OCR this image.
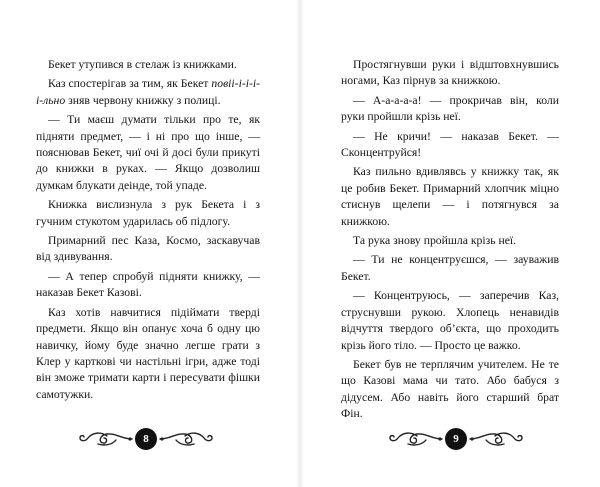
Бекет утупився в стелаж із книжками.

Каз спостерігав за тим, як Бекет повіі-і-і-і-і-льно зняв червону книжку з полиці.

— Ти маєш думати тільки про те, як підняти предмет, — і ні про що інше, — пояснював Бекет, чиї очі й досі були прикуті до книжки в руках. — Якщо дозволиш думкам блукати деінде, той упаде.

Книжка вислизнула з рук Бекета і з гучним стукотом ударилась об підлогу.

Примарний пес Каза, Космо, заскавучав від здивування.

— А тепер спробуй підняти книжку, — наказав Бекет Казові.

Каз хотів навчитися підіймати тверді предмети. Якщо він опанує хоча б одну цю навичку, йому буде значно легше грати з Клер у карткові чи настільні ігри, адже тоді він зможе тримати карти і пересувати фішки самотужки.

8

Простягнувши руки і відштовхнувшись ногами, Каз пірнув за книжкою.

— А-а-а-а-а! — прокричав він, коли руки пройшли крізь неї.

— Не кричи! — наказав Бекет. — Сконцентруйся!

Каз пильно вдивлявсь у книжку так, як це робив Бекет. Примарний хлопчик міцно стиснув щелепи — і потягнувся за книжкою.

Та рука знову пройшла крізь неї.

— Ти не концентруєшся, — зауважив Бекет.

— Концентруюсь, — заперечив Каз, струснувши рукою. Хлопець ненавидів відчуття твердого об’єкта, що проходить крізь його тіло. — Просто це важко.

Бекет був не терплячим учителем. Не те що Казові мама чи тато. Або бабуся з дідусем. Або навіть його старший брат Фін.

9
